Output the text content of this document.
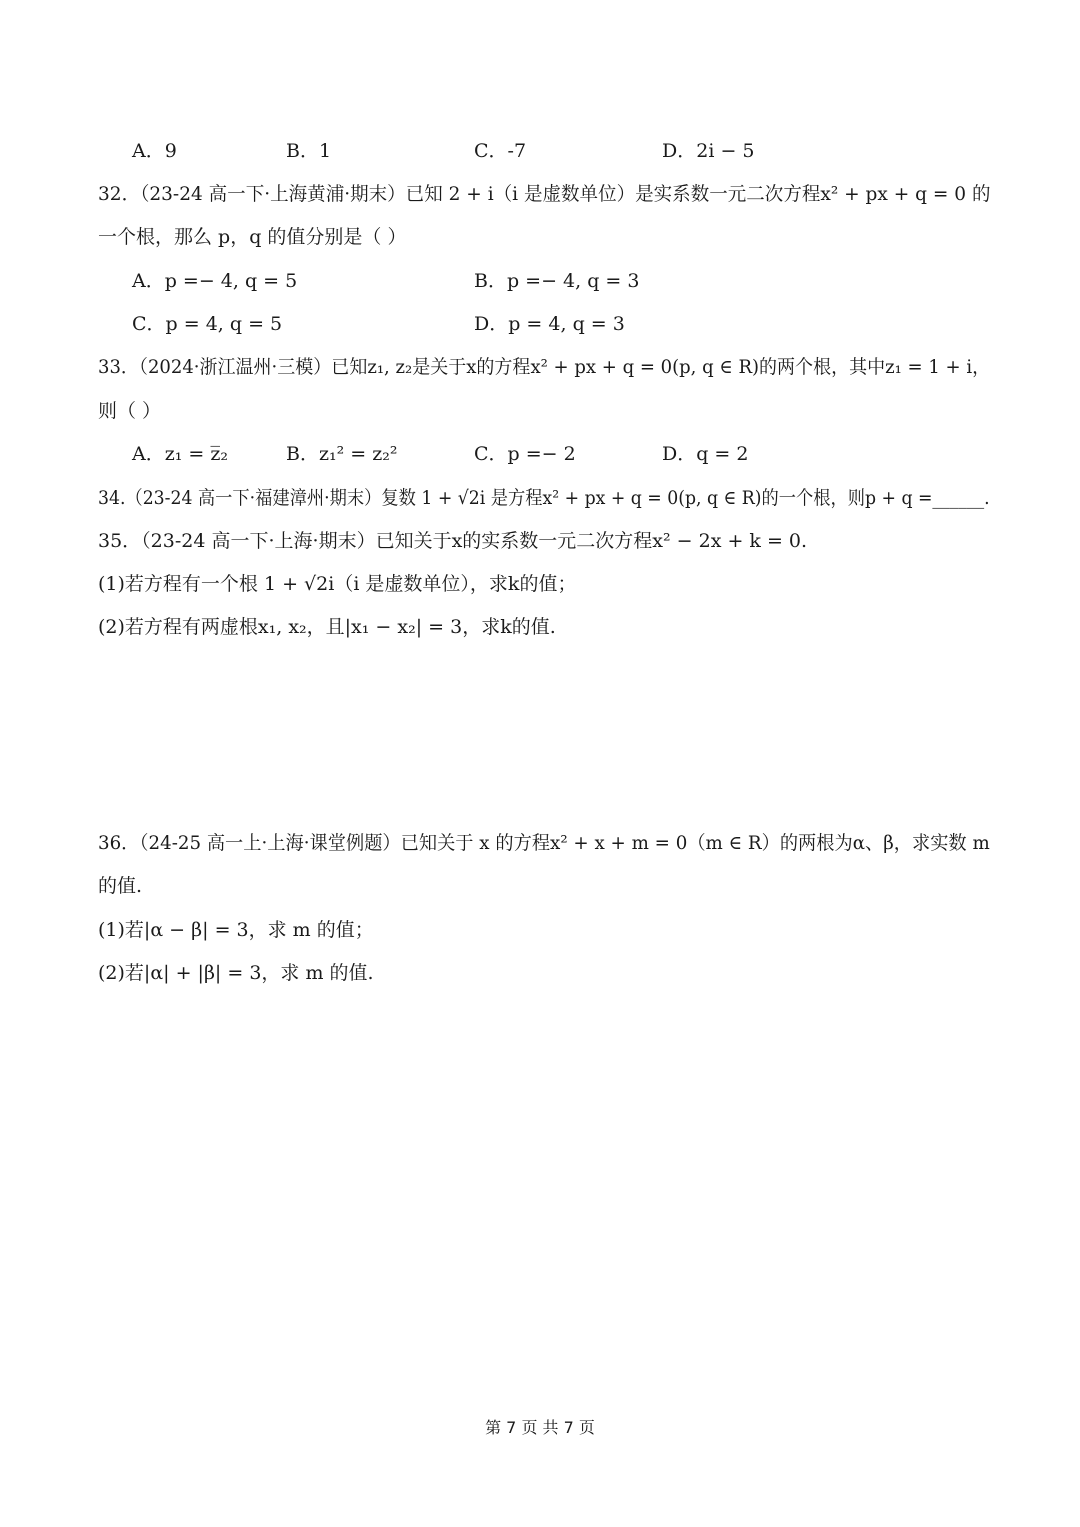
A．9	B．1	C．-7	D．2i − 5
32．（23-24 高一下·上海黄浦·期末）已知 2 + i（i 是虚数单位）是实系数一元二次方程x² + px + q = 0 的
一个根，那么 p，q 的值分别是（ ）
A．p =− 4, q = 5	B．p =− 4, q = 3
C．p = 4, q = 5	D．p = 4, q = 3
33．（2024·浙江温州·三模）已知z₁, z₂是关于x的方程x² + px + q = 0(p, q ∈ R)的两个根，其中z₁ = 1 + i，
则（ ）
A．z₁ = z̅₂	B．z₁² = z₂²	C．p =− 2	D．q = 2
34.（23-24 高一下·福建漳州·期末）复数 1 + √2i 是方程x² + px + q = 0(p, q ∈ R)的一个根，则p + q =______.
35．（23-24 高一下·上海·期末）已知关于x的实系数一元二次方程x² − 2x + k = 0.
(1)若方程有一个根 1 + √2i（i 是虚数单位），求k的值；
(2)若方程有两虚根x₁, x₂，且|x₁ − x₂| = 3，求k的值.
36．（24-25 高一上·上海·课堂例题）已知关于 x 的方程x² + x + m = 0（m ∈ R）的两根为α、β，求实数 m
的值.
(1)若|α − β| = 3，求 m 的值；
(2)若|α| + |β| = 3，求 m 的值.
第 7 页 共 7 页
